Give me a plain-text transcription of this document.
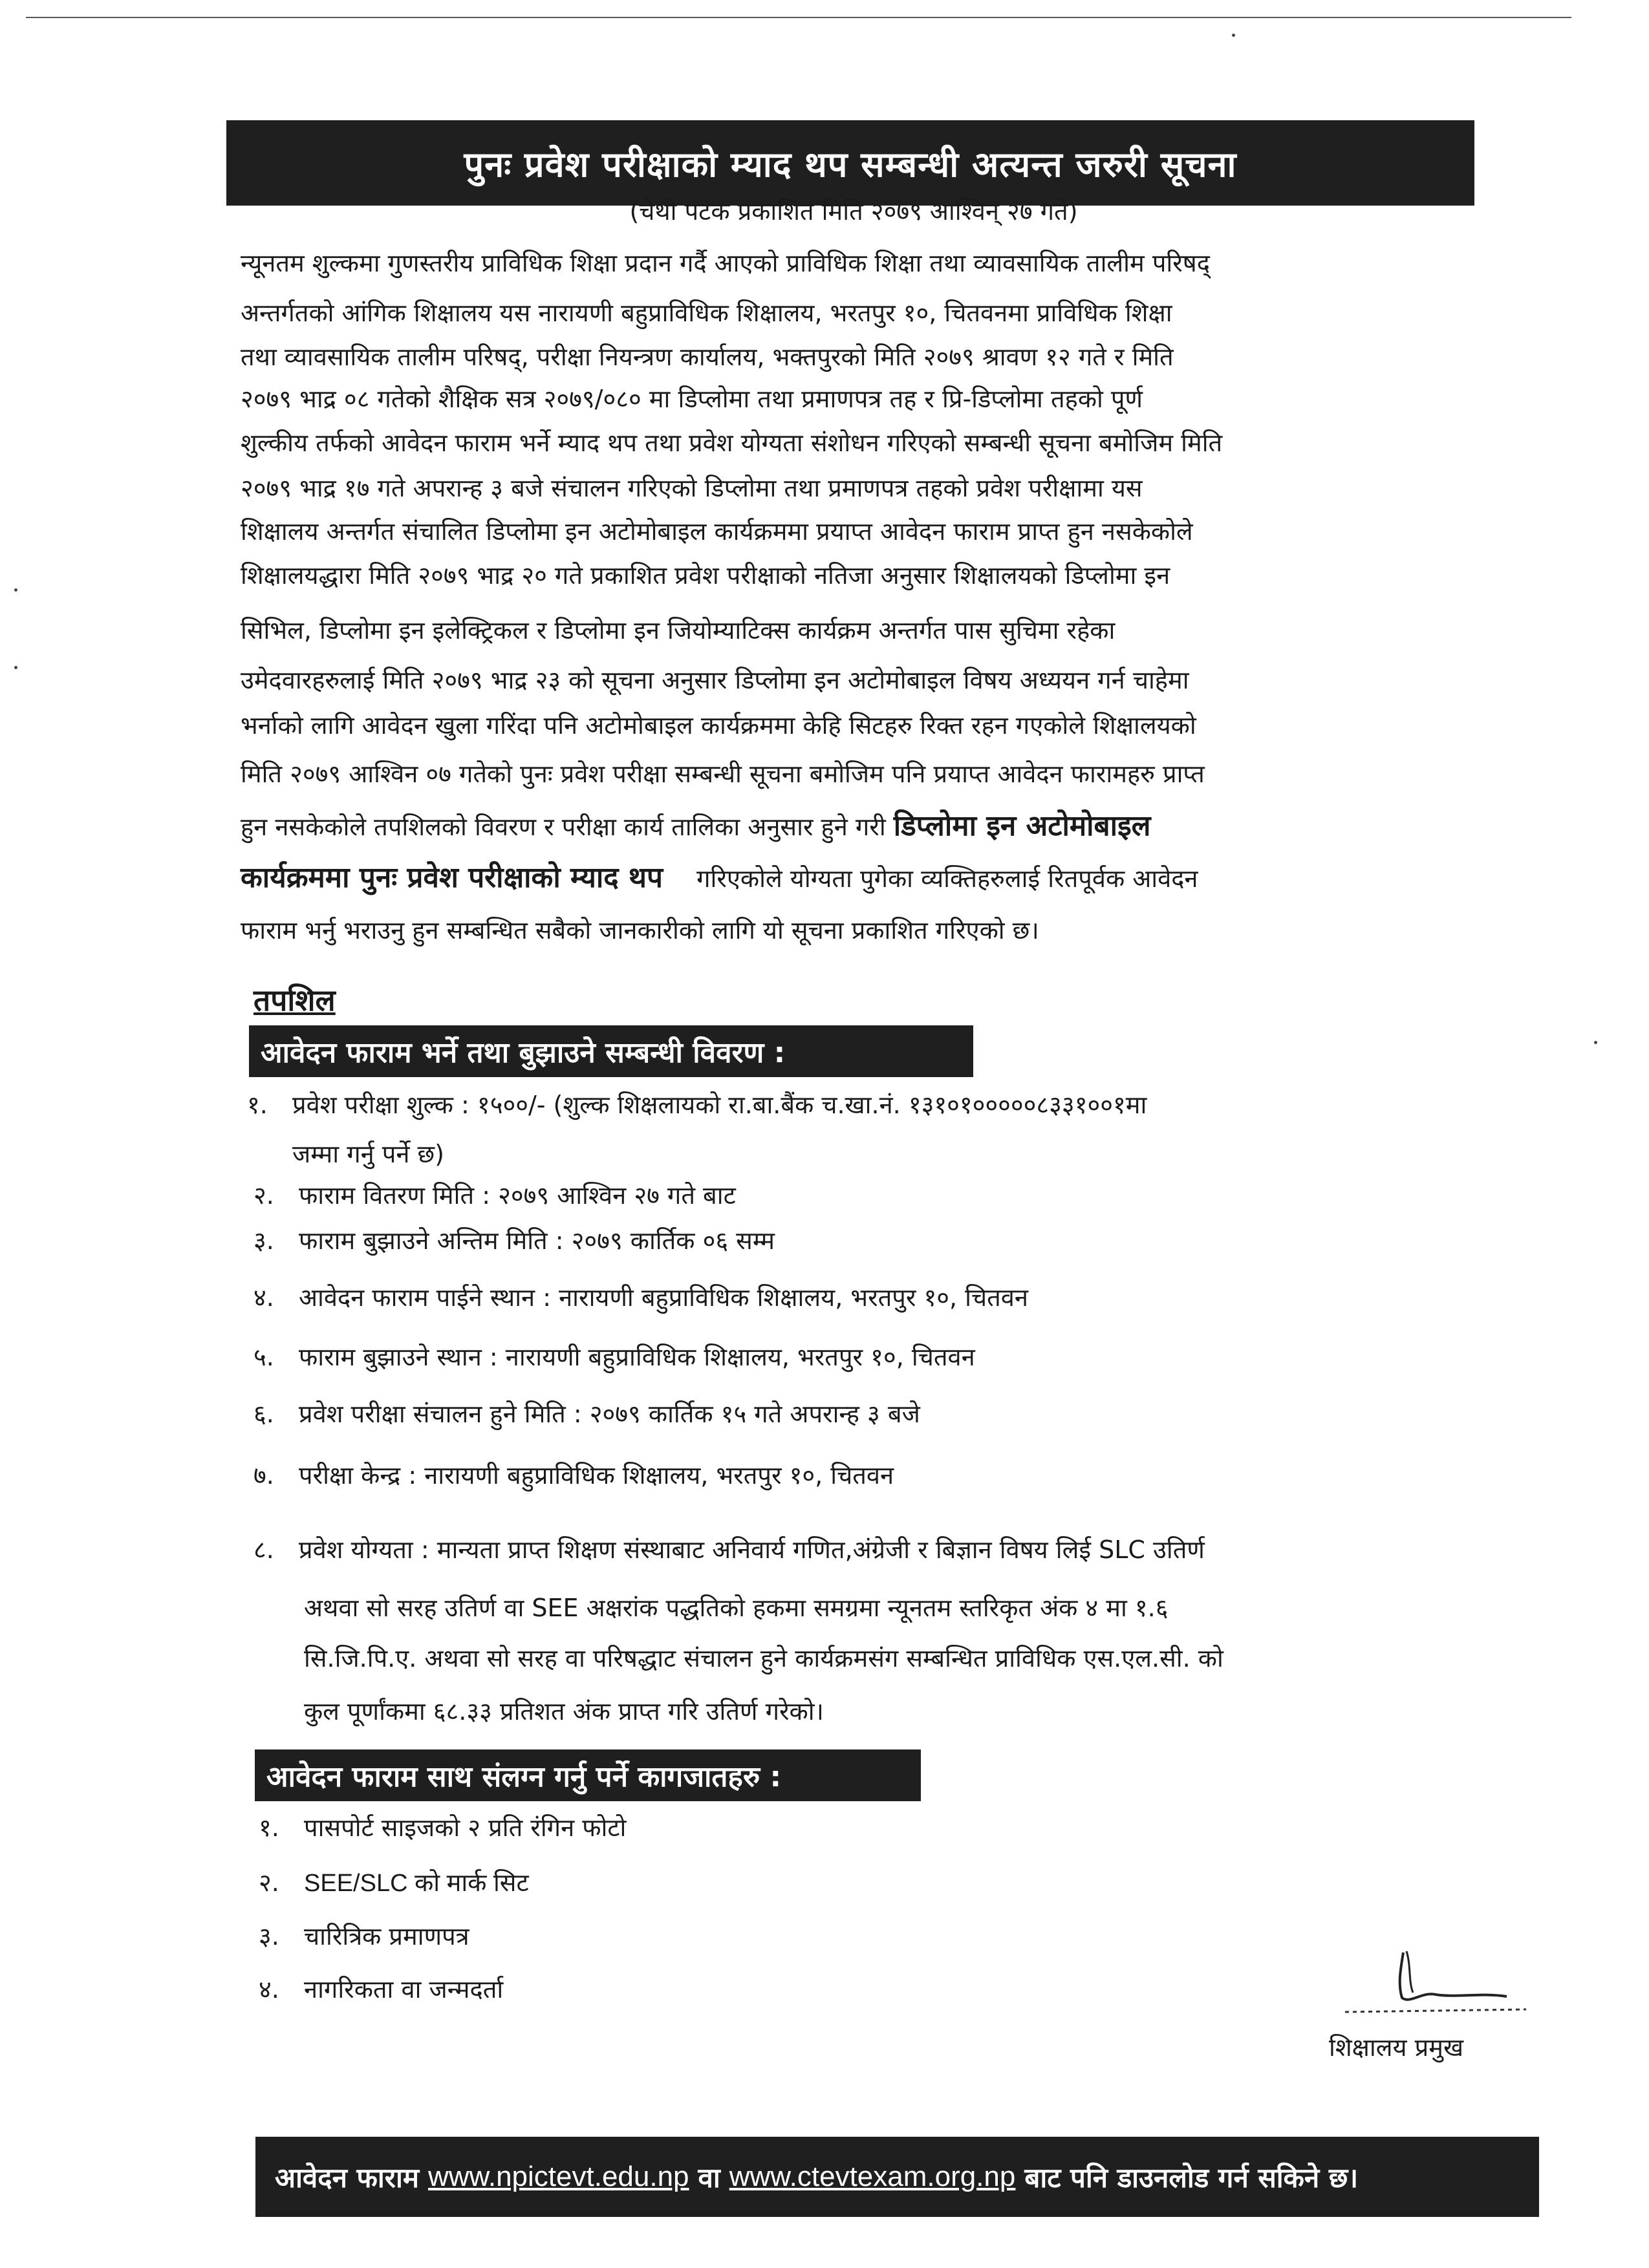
पुनः प्रवेश परीक्षाको म्याद थप सम्बन्धी अत्यन्त जरुरी सूचना
(चैथो पटक प्रकाशित मिति २०७९ आश्विन् २७ गते)
न्यूनतम शुल्कमा गुणस्तरीय प्राविधिक शिक्षा प्रदान गर्दै आएको प्राविधिक शिक्षा तथा व्यावसायिक तालीम परिषद्
अन्तर्गतको आंगिक शिक्षालय यस नारायणी बहुप्राविधिक शिक्षालय, भरतपुर १०, चितवनमा प्राविधिक शिक्षा
तथा व्यावसायिक तालीम परिषद्, परीक्षा नियन्त्रण कार्यालय, भक्तपुरको मिति २०७९ श्रावण १२ गते र मिति
२०७९ भाद्र ०८ गतेको शैक्षिक सत्र २०७९/०८० मा डिप्लोमा तथा प्रमाणपत्र तह र प्रि-डिप्लोमा तहको पूर्ण
शुल्कीय तर्फको आवेदन फाराम भर्ने म्याद थप तथा प्रवेश योग्यता संशोधन गरिएको सम्बन्धी सूचना बमोजिम मिति
२०७९ भाद्र १७ गते अपरान्ह ३ बजे संचालन गरिएको डिप्लोमा तथा प्रमाणपत्र तहको प्रवेश परीक्षामा यस
शिक्षालय अन्तर्गत संचालित डिप्लोमा इन अटोमोबाइल कार्यक्रममा प्रयाप्त आवेदन फाराम प्राप्त हुन नसकेकोले
शिक्षालयद्धारा मिति २०७९ भाद्र २० गते प्रकाशित प्रवेश परीक्षाको नतिजा अनुसार शिक्षालयको डिप्लोमा इन
सिभिल, डिप्लोमा इन इलेक्ट्रिकल र डिप्लोमा इन जियोम्याटिक्स कार्यक्रम अन्तर्गत पास सुचिमा रहेका
उमेदवारहरुलाई मिति २०७९ भाद्र २३ को सूचना अनुसार डिप्लोमा इन अटोमोबाइल विषय अध्ययन गर्न चाहेमा
भर्नाको लागि आवेदन खुला गरिंदा पनि अटोमोबाइल कार्यक्रममा केहि सिटहरु रिक्त रहन गएकोले शिक्षालयको
मिति २०७९ आश्विन ०७ गतेको पुनः प्रवेश परीक्षा सम्बन्धी सूचना बमोजिम पनि प्रयाप्त आवेदन फारामहरु प्राप्त
हुन नसकेकोले तपशिलको विवरण र परीक्षा कार्य तालिका अनुसार हुने गरी डिप्लोमा इन अटोमोबाइल
कार्यक्रममा पुनः प्रवेश परीक्षाको म्याद थप गरिएकोले योग्यता पुगेका व्यक्तिहरुलाई रितपूर्वक आवेदन
फाराम भर्नु भराउनु हुन सम्बन्धित सबैको जानकारीको लागि यो सूचना प्रकाशित गरिएको छ।
तपशिल
आवेदन फाराम भर्ने तथा बुझाउने सम्बन्धी विवरण :
१. प्रवेश परीक्षा शुल्क : १५००/- (शुल्क शिक्षलायको रा.बा.बैंक च.खा.नं. १३१०१०००००८३३१००१मा
जम्मा गर्नु पर्ने छ)
२. फाराम वितरण मिति : २०७९ आश्विन २७ गते बाट
३. फाराम बुझाउने अन्तिम मिति : २०७९ कार्तिक ०६ सम्म
४. आवेदन फाराम पाईने स्थान : नारायणी बहुप्राविधिक शिक्षालय, भरतपुर १०, चितवन
५. फाराम बुझाउने स्थान : नारायणी बहुप्राविधिक शिक्षालय, भरतपुर १०, चितवन
६. प्रवेश परीक्षा संचालन हुने मिति : २०७९ कार्तिक १५ गते अपरान्ह ३ बजे
७. परीक्षा केन्द्र : नारायणी बहुप्राविधिक शिक्षालय, भरतपुर १०, चितवन
८. प्रवेश योग्यता : मान्यता प्राप्त शिक्षण संस्थाबाट अनिवार्य गणित,अंग्रेजी र बिज्ञान विषय लिई SLC उतिर्ण
अथवा सो सरह उतिर्ण वा SEE अक्षरांक पद्धतिको हकमा समग्रमा न्यूनतम स्तरिकृत अंक ४ मा १.६
सि.जि.पि.ए. अथवा सो सरह वा परिषद्धाट संचालन हुने कार्यक्रमसंग सम्बन्धित प्राविधिक एस.एल.सी. को
कुल पूर्णांकमा ६८.३३ प्रतिशत अंक प्राप्त गरि उतिर्ण गरेको।
आवेदन फाराम साथ संलग्न गर्नु पर्ने कागजातहरु :
१. पासपोर्ट साइजको २ प्रति रंगिन फोटो
२. SEE/SLC को मार्क सिट
३. चारित्रिक प्रमाणपत्र
४. नागरिकता वा जन्मदर्ता
शिक्षालय प्रमुख
आवेदन फाराम www.npictevt.edu.np वा www.ctevtexam.org.np बाट पनि डाउनलोड गर्न सकिने छ।
